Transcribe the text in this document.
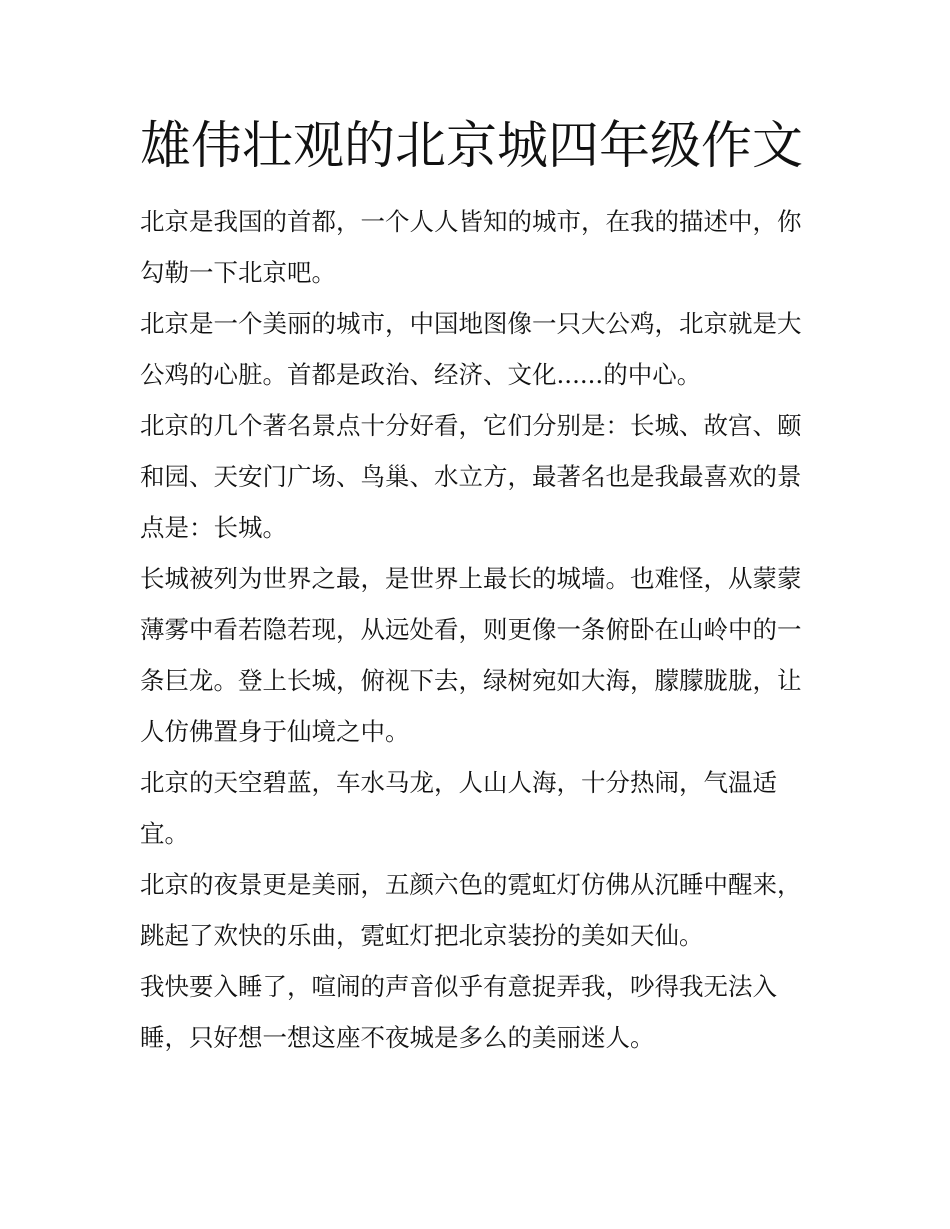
雄伟壮观的北京城四年级作文

北京是我国的首都，一个人人皆知的城市，在我的描述中，你勾勒一下北京吧。

北京是一个美丽的城市，中国地图像一只大公鸡，北京就是大公鸡的心脏。首都是政治、经济、文化......的中心。

北京的几个著名景点十分好看，它们分别是：长城、故宫、颐和园、天安门广场、鸟巢、水立方，最著名也是我最喜欢的景点是：长城。

长城被列为世界之最，是世界上最长的城墙。也难怪，从蒙蒙薄雾中看若隐若现，从远处看，则更像一条俯卧在山岭中的一条巨龙。登上长城，俯视下去，绿树宛如大海，朦朦胧胧，让人仿佛置身于仙境之中。

北京的天空碧蓝，车水马龙，人山人海，十分热闹，气温适宜。

北京的夜景更是美丽，五颜六色的霓虹灯仿佛从沉睡中醒来，跳起了欢快的乐曲，霓虹灯把北京装扮的美如天仙。

我快要入睡了，喧闹的声音似乎有意捉弄我，吵得我无法入睡，只好想一想这座不夜城是多么的美丽迷人。
